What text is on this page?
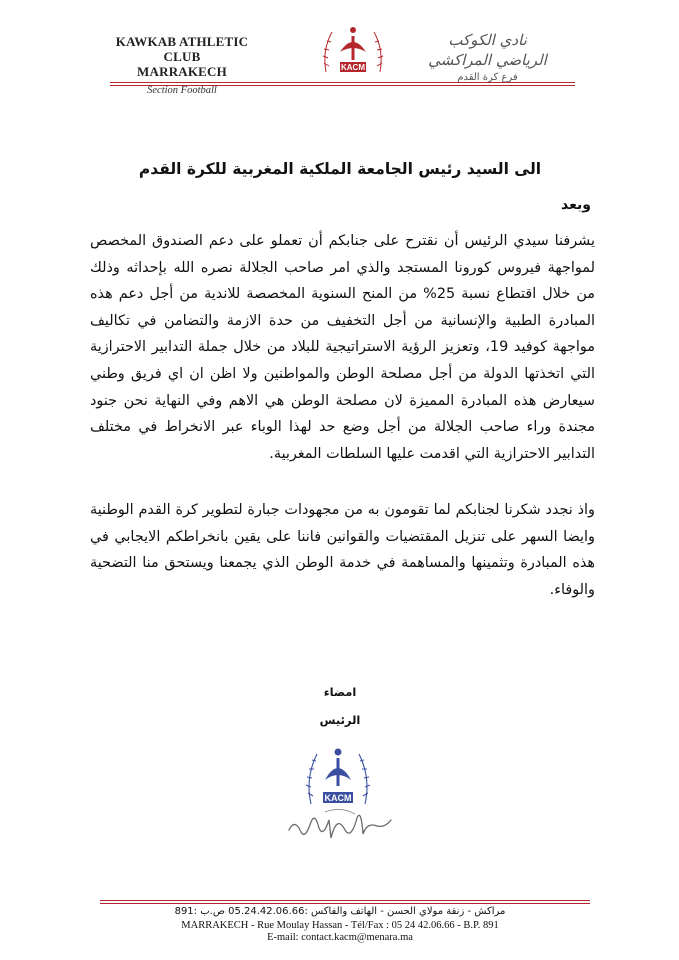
KAWKAB ATHLETIC CLUB
MARRAKECH
Section Football
KACM
نادي الكوكب الرياضي المراكشي
فرع كرة القدم
الى السيد رئيس الجامعة الملكية المغربية للكرة القدم
وبعد
يشرفنا سيدي الرئيس أن نقترح على جنابكم أن تعملو على دعم الصندوق المخصص لمواجهة فيروس كورونا المستجد والذي امر صاحب الجلالة نصره الله بإحداثه وذلك من خلال اقتطاع نسبة 25% من المنح السنوية المخصصة للاندية من أجل دعم هذه المبادرة الطبية والإنسانية من أجل التخفيف من حدة الازمة والتضامن في تكاليف مواجهة كوفيد 19، وتعزيز الرؤية الاستراتيجية للبلاد من خلال جملة التدابير الاحترازية التي اتخذتها الدولة من أجل مصلحة الوطن والمواطنين ولا اظن ان اي فريق وطني سيعارض هذه المبادرة المميزة لان مصلحة الوطن هي الاهم وفي النهاية نحن جنود مجندة وراء صاحب الجلالة من أجل وضع حد لهذا الوباء عبر الانخراط في مختلف التدابير الاحترازية التي اقدمت عليها السلطات المغربية.
واذ نجدد شكرنا لجنابكم لما تقومون به من مجهودات جبارة لتطوير كرة القدم الوطنية وايضا السهر على تنزيل المقتضيات والقوانين فاننا على يقين بانخراطكم الايجابي في هذه المبادرة وتثمينها والمساهمة في خدمة الوطن الذي يجمعنا ويستحق منا التضحية والوفاء.
امضاء
الرئيس
KACM
مراكش - زنقة مولاي الحسن - الهاتف والفاكس :05.24.42.06.66 ص.ب :891
MARRAKECH - Rue Moulay Hassan - Tél/Fax : 05 24 42.06.66 - B.P. 891
E-mail: contact.kacm@menara.ma
